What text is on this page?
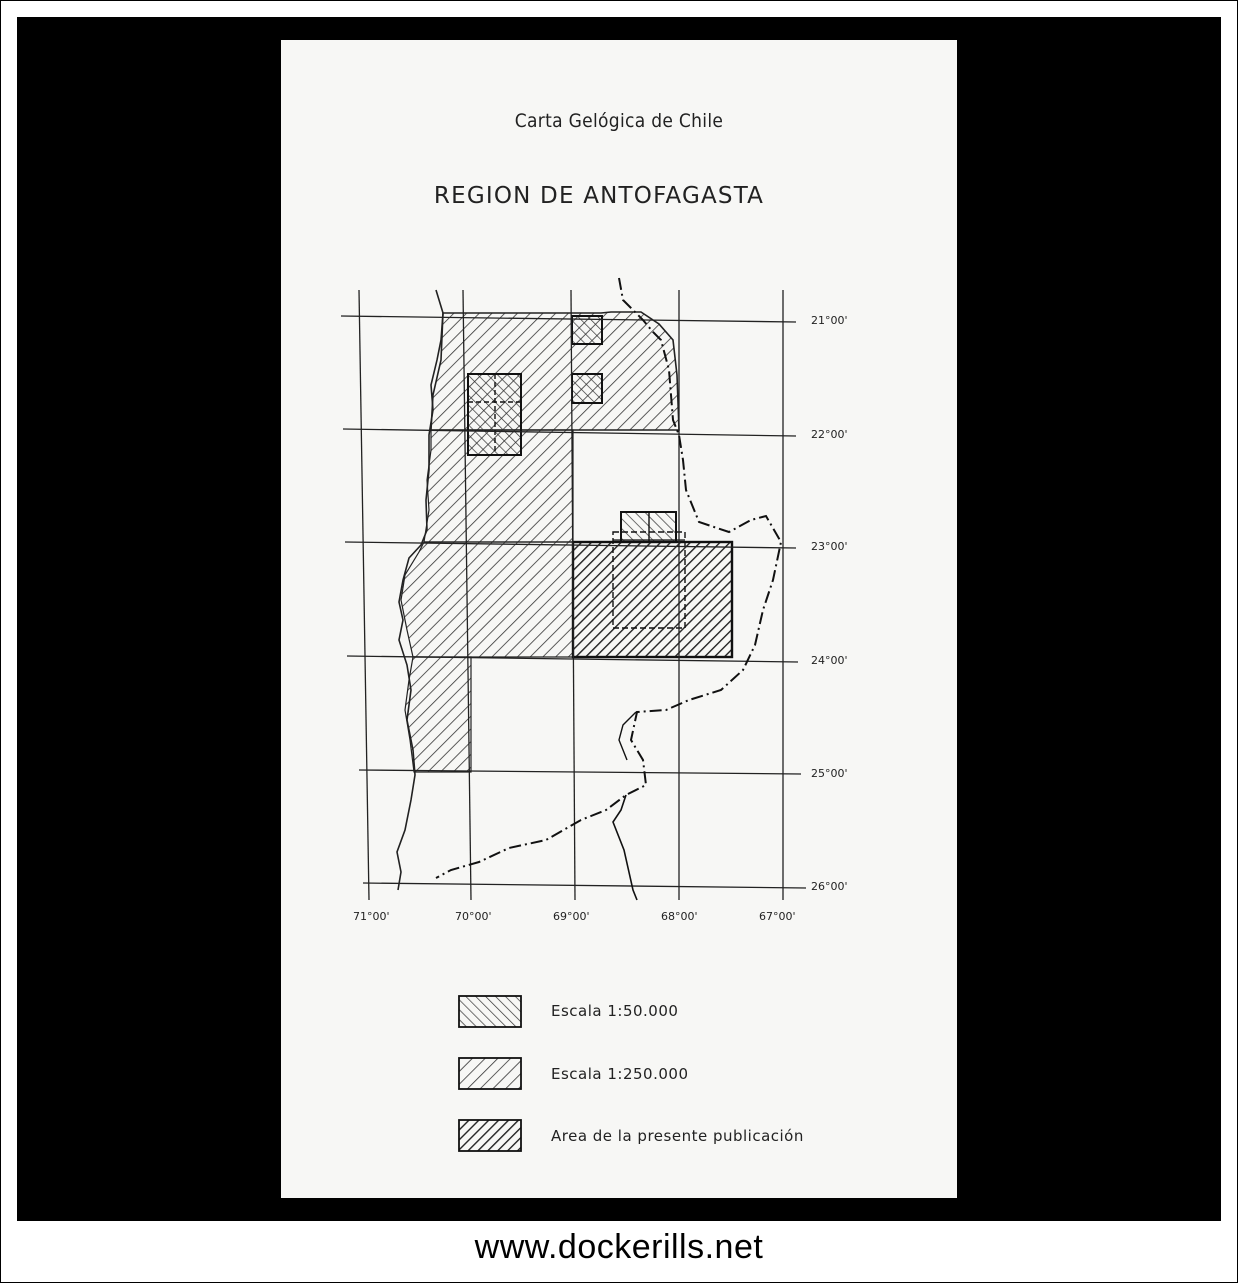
Carta Gelógica de Chile
REGION DE ANTOFAGASTA
21°00'
22°00'
23°00'
24°00'
25°00'
26°00'
71°00'	70°00'	69°00'	68°00'	67°00'
Escala 1:50.000
Escala 1:250.000
Area de la presente publicación
www.dockerills.net
